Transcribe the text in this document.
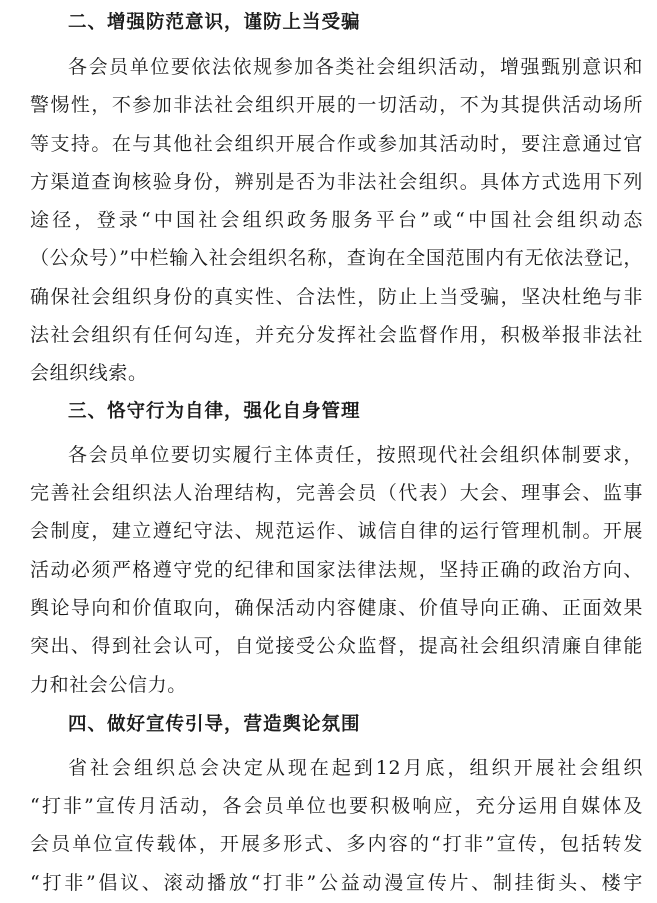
二、增强防范意识，谨防上当受骗
各会员单位要依法依规参加各类社会组织活动，增强甄别意识和
警惕性，不参加非法社会组织开展的一切活动，不为其提供活动场所
等支持。在与其他社会组织开展合作或参加其活动时，要注意通过官
方渠道查询核验身份，辨别是否为非法社会组织。具体方式选用下列
途径，登录“中国社会组织政务服务平台”或“中国社会组织动态
（公众号）”中栏输入社会组织名称，查询在全国范围内有无依法登记，
确保社会组织身份的真实性、合法性，防止上当受骗，坚决杜绝与非
法社会组织有任何勾连，并充分发挥社会监督作用，积极举报非法社
会组织线索。
三、恪守行为自律，强化自身管理
各会员单位要切实履行主体责任，按照现代社会组织体制要求，
完善社会组织法人治理结构，完善会员（代表）大会、理事会、监事
会制度，建立遵纪守法、规范运作、诚信自律的运行管理机制。开展
活动必须严格遵守党的纪律和国家法律法规，坚持正确的政治方向、
舆论导向和价值取向，确保活动内容健康、价值导向正确、正面效果
突出、得到社会认可，自觉接受公众监督，提高社会组织清廉自律能
力和社会公信力。
四、做好宣传引导，营造舆论氛围
省社会组织总会决定从现在起到12月底，组织开展社会组织
“打非”宣传月活动，各会员单位也要积极响应，充分运用自媒体及
会员单位宣传载体，开展多形式、多内容的“打非”宣传，包括转发
“打非”倡议、滚动播放“打非”公益动漫宣传片、制挂街头、楼宇
